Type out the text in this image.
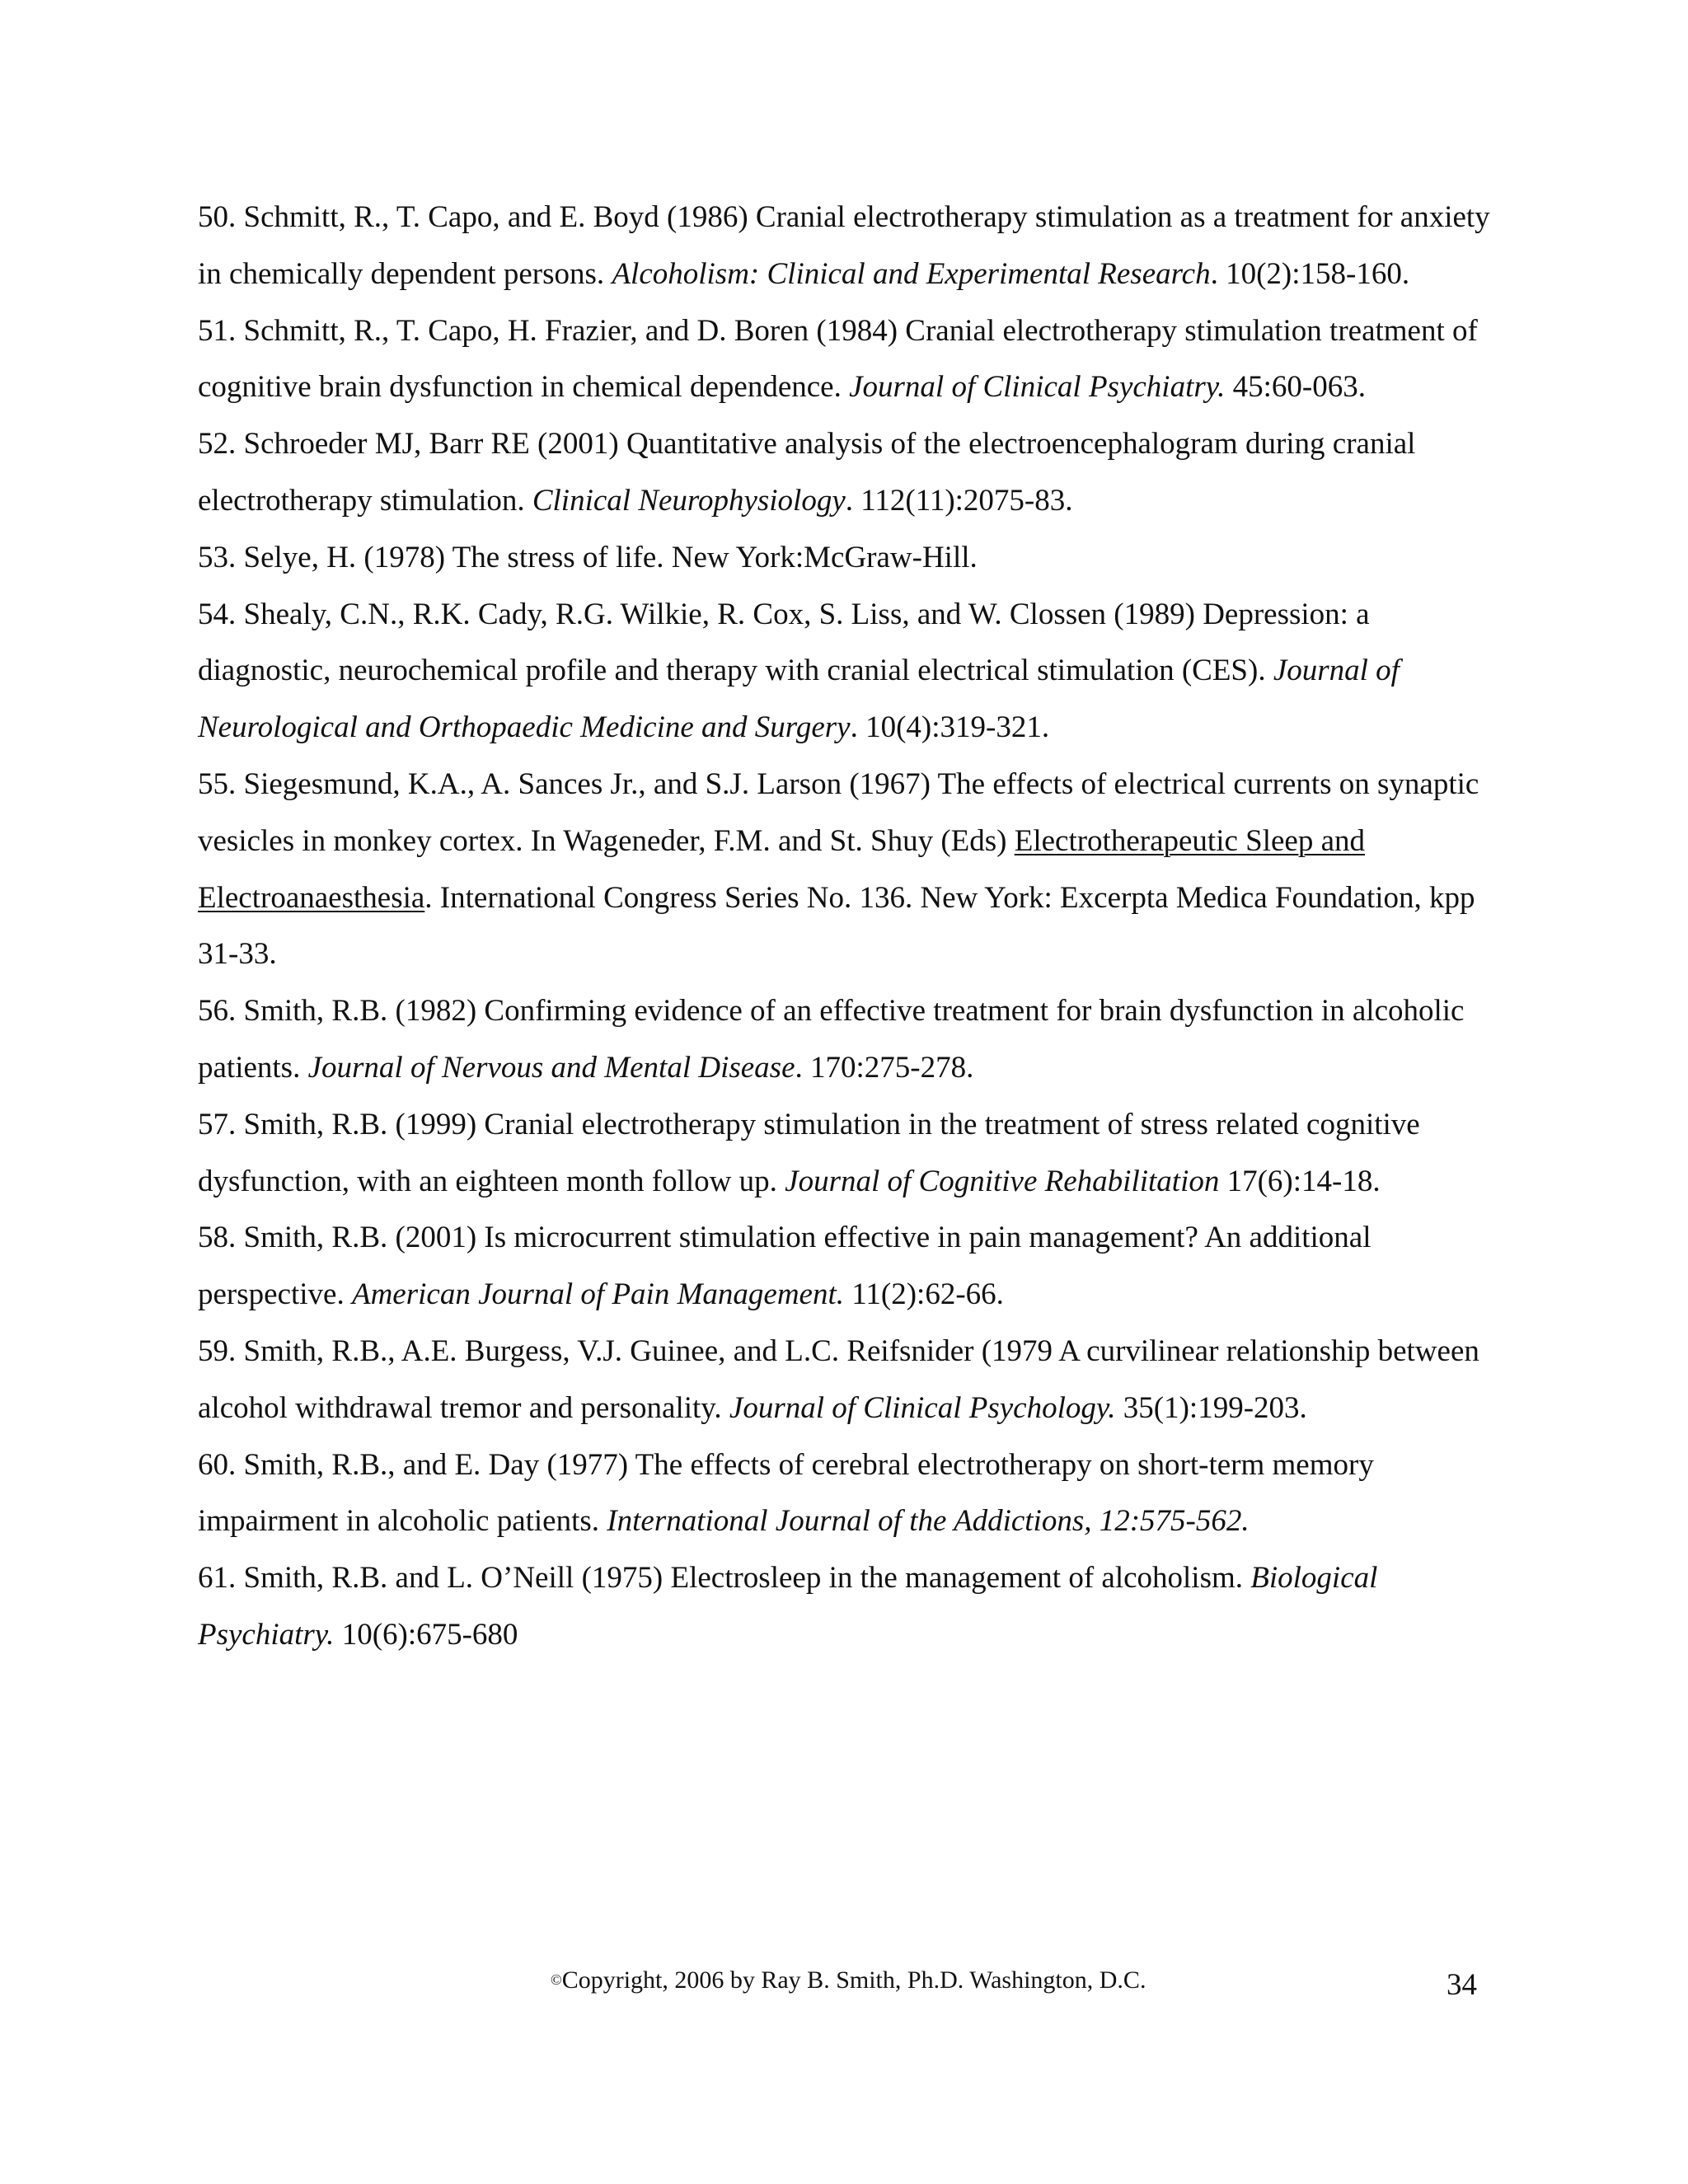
50. Schmitt, R., T. Capo, and E. Boyd (1986) Cranial electrotherapy stimulation as a treatment for anxiety in chemically dependent persons. Alcoholism: Clinical and Experimental Research. 10(2):158-160.

51. Schmitt, R., T. Capo, H. Frazier, and D. Boren (1984) Cranial electrotherapy stimulation treatment of cognitive brain dysfunction in chemical dependence. Journal of Clinical Psychiatry. 45:60-063.

52. Schroeder MJ, Barr RE (2001) Quantitative analysis of the electroencephalogram during cranial electrotherapy stimulation. Clinical Neurophysiology. 112(11):2075-83.

53. Selye, H. (1978) The stress of life. New York:McGraw-Hill.

54. Shealy, C.N., R.K. Cady, R.G. Wilkie, R. Cox, S. Liss, and W. Clossen (1989) Depression: a diagnostic, neurochemical profile and therapy with cranial electrical stimulation (CES). Journal of Neurological and Orthopaedic Medicine and Surgery. 10(4):319-321.

55. Siegesmund, K.A., A. Sances Jr., and S.J. Larson (1967) The effects of electrical currents on synaptic vesicles in monkey cortex. In Wageneder, F.M. and St. Shuy (Eds) Electrotherapeutic Sleep and Electroanaesthesia. International Congress Series No. 136. New York: Excerpta Medica Foundation, kpp 31-33.

56. Smith, R.B. (1982) Confirming evidence of an effective treatment for brain dysfunction in alcoholic patients. Journal of Nervous and Mental Disease. 170:275-278.

57. Smith, R.B. (1999) Cranial electrotherapy stimulation in the treatment of stress related cognitive dysfunction, with an eighteen month follow up. Journal of Cognitive Rehabilitation 17(6):14-18.

58. Smith, R.B. (2001) Is microcurrent stimulation effective in pain management? An additional perspective. American Journal of Pain Management. 11(2):62-66.

59. Smith, R.B., A.E. Burgess, V.J. Guinee, and L.C. Reifsnider (1979 A curvilinear relationship between alcohol withdrawal tremor and personality. Journal of Clinical Psychology. 35(1):199-203.

60. Smith, R.B., and E. Day (1977) The effects of cerebral electrotherapy on short-term memory impairment in alcoholic patients. International Journal of the Addictions, 12:575-562.

61. Smith, R.B. and L. O’Neill (1975) Electrosleep in the management of alcoholism. Biological Psychiatry. 10(6):675-680

©Copyright, 2006 by Ray B. Smith, Ph.D. Washington, D.C.	34
